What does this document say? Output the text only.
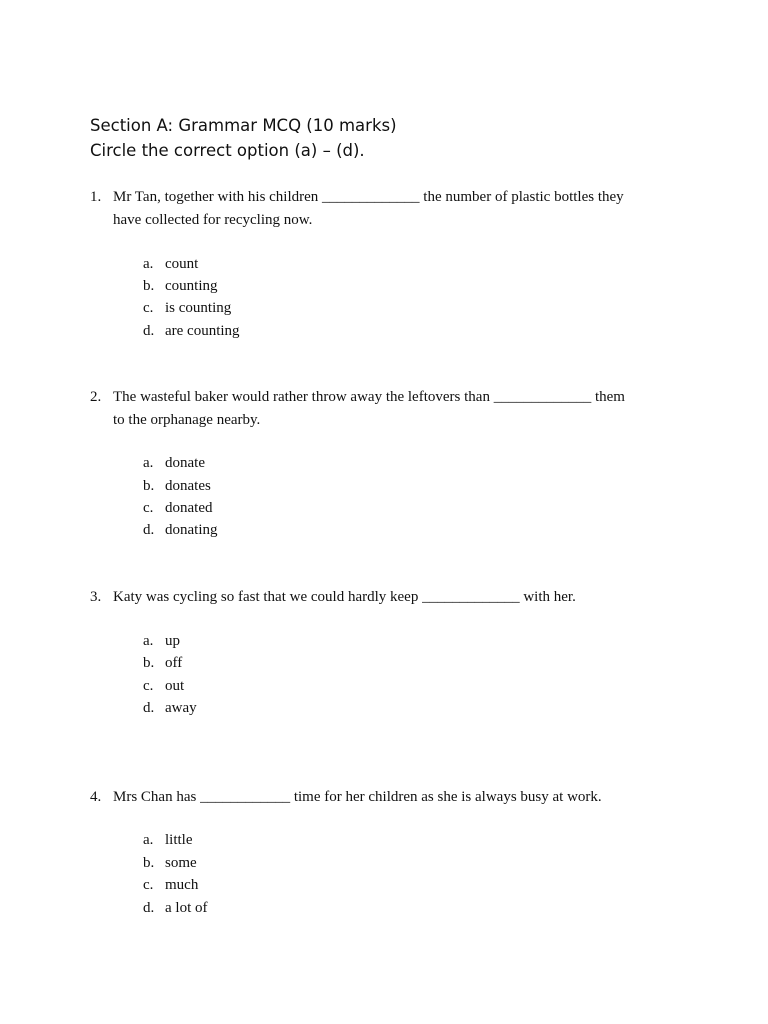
Section A: Grammar MCQ (10 marks)
Circle the correct option (a) – (d).
1. Mr Tan, together with his children _____________ the number of plastic bottles they
have collected for recycling now.
a. count
b. counting
c. is counting
d. are counting
2. The wasteful baker would rather throw away the leftovers than _____________ them
to the orphanage nearby.
a. donate
b. donates
c. donated
d. donating
3. Katy was cycling so fast that we could hardly keep _____________ with her.
a. up
b. off
c. out
d. away
4. Mrs Chan has ____________ time for her children as she is always busy at work.
a. little
b. some
c. much
d. a lot of
